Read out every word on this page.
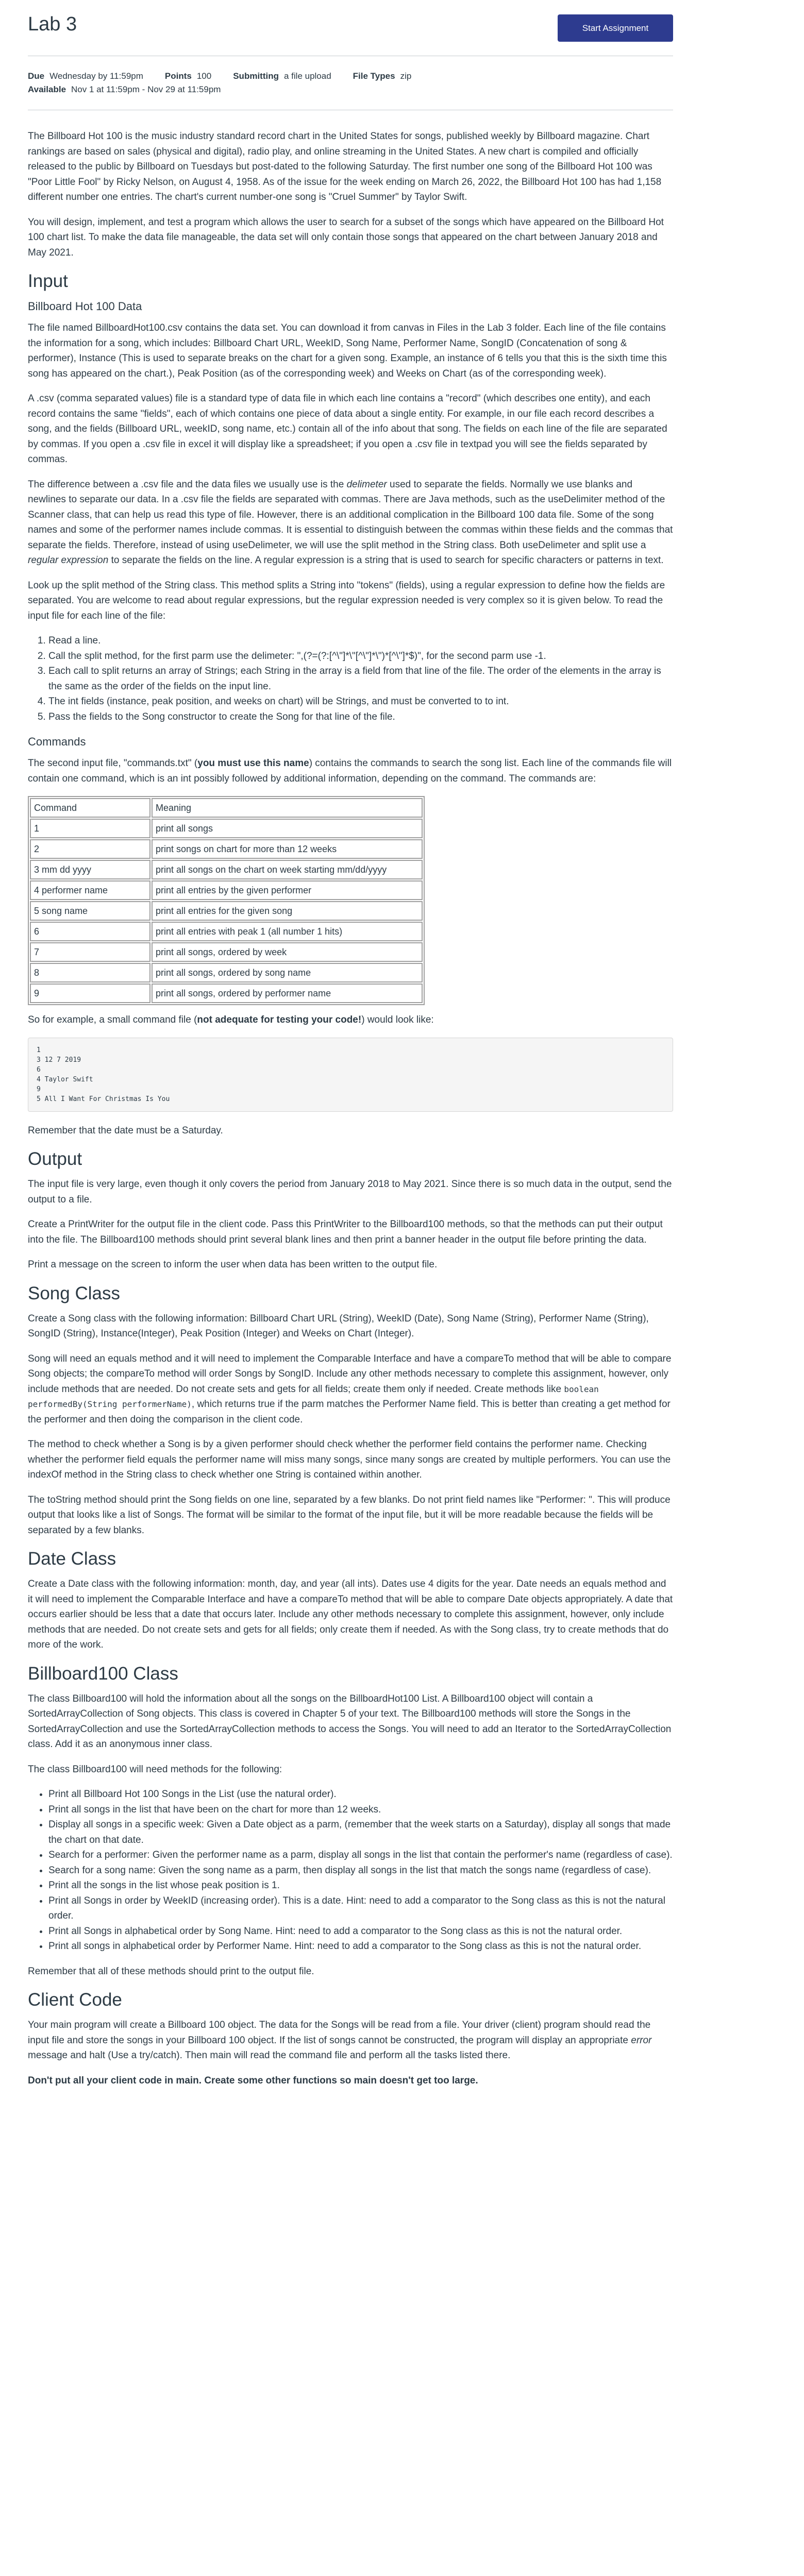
Lab 3	Start Assignment
Due Wednesday by 11:59pm Points 100 Submitting a file upload File Types zip
Available Nov 1 at 11:59pm - Nov 29 at 11:59pm

The Billboard Hot 100 is the music industry standard record chart in the United States for songs, published weekly by Billboard magazine. Chart rankings are based on sales (physical and digital), radio play, and online streaming in the United States. A new chart is compiled and officially released to the public by Billboard on Tuesdays but post-dated to the following Saturday. The first number one song of the Billboard Hot 100 was "Poor Little Fool" by Ricky Nelson, on August 4, 1958. As of the issue for the week ending on March 26, 2022, the Billboard Hot 100 has had 1,158 different number one entries. The chart's current number-one song is "Cruel Summer" by Taylor Swift.

You will design, implement, and test a program which allows the user to search for a subset of the songs which have appeared on the Billboard Hot 100 chart list. To make the data file manageable, the data set will only contain those songs that appeared on the chart between January 2018 and May 2021.

Input
Billboard Hot 100 Data

The file named BillboardHot100.csv contains the data set. You can download it from canvas in Files in the Lab 3 folder. Each line of the file contains the information for a song, which includes: Billboard Chart URL, WeekID, Song Name, Performer Name, SongID (Concatenation of song & performer), Instance (This is used to separate breaks on the chart for a given song. Example, an instance of 6 tells you that this is the sixth time this song has appeared on the chart.), Peak Position (as of the corresponding week) and Weeks on Chart (as of the corresponding week).

A .csv (comma separated values) file is a standard type of data file in which each line contains a "record" (which describes one entity), and each record contains the same "fields", each of which contains one piece of data about a single entity. For example, in our file each record describes a song, and the fields (Billboard URL, weekID, song name, etc.) contain all of the info about that song. The fields on each line of the file are separated by commas. If you open a .csv file in excel it will display like a spreadsheet; if you open a .csv file in textpad you will see the fields separated by commas.

The difference between a .csv file and the data files we usually use is the delimeter used to separate the fields. Normally we use blanks and newlines to separate our data. In a .csv file the fields are separated with commas. There are Java methods, such as the useDelimiter method of the Scanner class, that can help us read this type of file. However, there is an additional complication in the Billboard 100 data file. Some of the song names and some of the performer names include commas. It is essential to distinguish between the commas within these fields and the commas that separate the fields. Therefore, instead of using useDelimeter, we will use the split method in the String class. Both useDelimeter and split use a regular expression to separate the fields on the line. A regular expression is a string that is used to search for specific characters or patterns in text.

Look up the split method of the String class. This method splits a String into "tokens" (fields), using a regular expression to define how the fields are separated. You are welcome to read about regular expressions, but the regular expression needed is very complex so it is given below. To read the input file for each line of the file:

1. Read a line.
2. Call the split method, for the first parm use the delimeter: ",(?=(?:[^\"]*\"[^\"]*\")*[^\"]*$)", for the second parm use -1.
3. Each call to split returns an array of Strings; each String in the array is a field from that line of the file. The order of the elements in the array is the same as the order of the fields on the input line.
4. The int fields (instance, peak position, and weeks on chart) will be Strings, and must be converted to to int.
5. Pass the fields to the Song constructor to create the Song for that line of the file.
Commands

The second input file, "commands.txt" (you must use this name) contains the commands to search the song list. Each line of the commands file will contain one command, which is an int possibly followed by additional information, depending on the command. The commands are:

Command	Meaning
1	print all songs
2	print songs on chart for more than 12 weeks
3 mm dd yyyy	print all songs on the chart on week starting mm/dd/yyyy
4 performer name	print all entries by the given performer
5 song name	print all entries for the given song
6	print all entries with peak 1 (all number 1 hits)
7	print all songs, ordered by week
8	print all songs, ordered by song name
9	print all songs, ordered by performer name

So for example, a small command file (not adequate for testing your code!) would look like:

1
3 12 7 2019
6
4 Taylor Swift
9
5 All I Want For Christmas Is You

Remember that the date must be a Saturday.

Output

The input file is very large, even though it only covers the period from January 2018 to May 2021. Since there is so much data in the output, send the output to a file.

Create a PrintWriter for the output file in the client code. Pass this PrintWriter to the Billboard100 methods, so that the methods can put their output into the file. The Billboard100 methods should print several blank lines and then print a banner header in the output file before printing the data.

Print a message on the screen to inform the user when data has been written to the output file.

Song Class

Create a Song class with the following information: Billboard Chart URL (String), WeekID (Date), Song Name (String), Performer Name (String), SongID (String), Instance(Integer), Peak Position (Integer) and Weeks on Chart (Integer).

Song will need an equals method and it will need to implement the Comparable Interface and have a compareTo method that will be able to compare Song objects; the compareTo method will order Songs by SongID. Include any other methods necessary to complete this assignment, however, only include methods that are needed. Do not create sets and gets for all fields; create them only if needed. Create methods like boolean performedBy(String performerName), which returns true if the parm matches the Performer Name field. This is better than creating a get method for the performer and then doing the comparison in the client code.

The method to check whether a Song is by a given performer should check whether the performer field contains the performer name. Checking whether the performer field equals the performer name will miss many songs, since many songs are created by multiple performers. You can use the indexOf method in the String class to check whether one String is contained within another.

The toString method should print the Song fields on one line, separated by a few blanks. Do not print field names like "Performer: ". This will produce output that looks like a list of Songs. The format will be similar to the format of the input file, but it will be more readable because the fields will be separated by a few blanks.

Date Class

Create a Date class with the following information: month, day, and year (all ints). Dates use 4 digits for the year. Date needs an equals method and it will need to implement the Comparable Interface and have a compareTo method that will be able to compare Date objects appropriately. A date that occurs earlier should be less that a date that occurs later. Include any other methods necessary to complete this assignment, however, only include methods that are needed. Do not create sets and gets for all fields; only create them if needed. As with the Song class, try to create methods that do more of the work.

Billboard100 Class

The class Billboard100 will hold the information about all the songs on the BillboardHot100 List. A Billboard100 object will contain a SortedArrayCollection of Song objects. This class is covered in Chapter 5 of your text. The Billboard100 methods will store the Songs in the SortedArrayCollection and use the SortedArrayCollection methods to access the Songs. You will need to add an Iterator to the SortedArrayCollection class. Add it as an anonymous inner class.

The class Billboard100 will need methods for the following:

• Print all Billboard Hot 100 Songs in the List (use the natural order).
• Print all songs in the list that have been on the chart for more than 12 weeks.
• Display all songs in a specific week: Given a Date object as a parm, (remember that the week starts on a Saturday), display all songs that made the chart on that date.
• Search for a performer: Given the performer name as a parm, display all songs in the list that contain the performer's name (regardless of case).
• Search for a song name: Given the song name as a parm, then display all songs in the list that match the songs name (regardless of case).
• Print all the songs in the list whose peak position is 1.
• Print all Songs in order by WeekID (increasing order). This is a date. Hint: need to add a comparator to the Song class as this is not the natural order.
• Print all Songs in alphabetical order by Song Name. Hint: need to add a comparator to the Song class as this is not the natural order.
• Print all songs in alphabetical order by Performer Name. Hint: need to add a comparator to the Song class as this is not the natural order.

Remember that all of these methods should print to the output file.

Client Code

Your main program will create a Billboard 100 object. The data for the Songs will be read from a file. Your driver (client) program should read the input file and store the songs in your Billboard 100 object. If the list of songs cannot be constructed, the program will display an appropriate error message and halt (Use a try/catch). Then main will read the command file and perform all the tasks listed there.

Don't put all your client code in main. Create some other functions so main doesn't get too large.
